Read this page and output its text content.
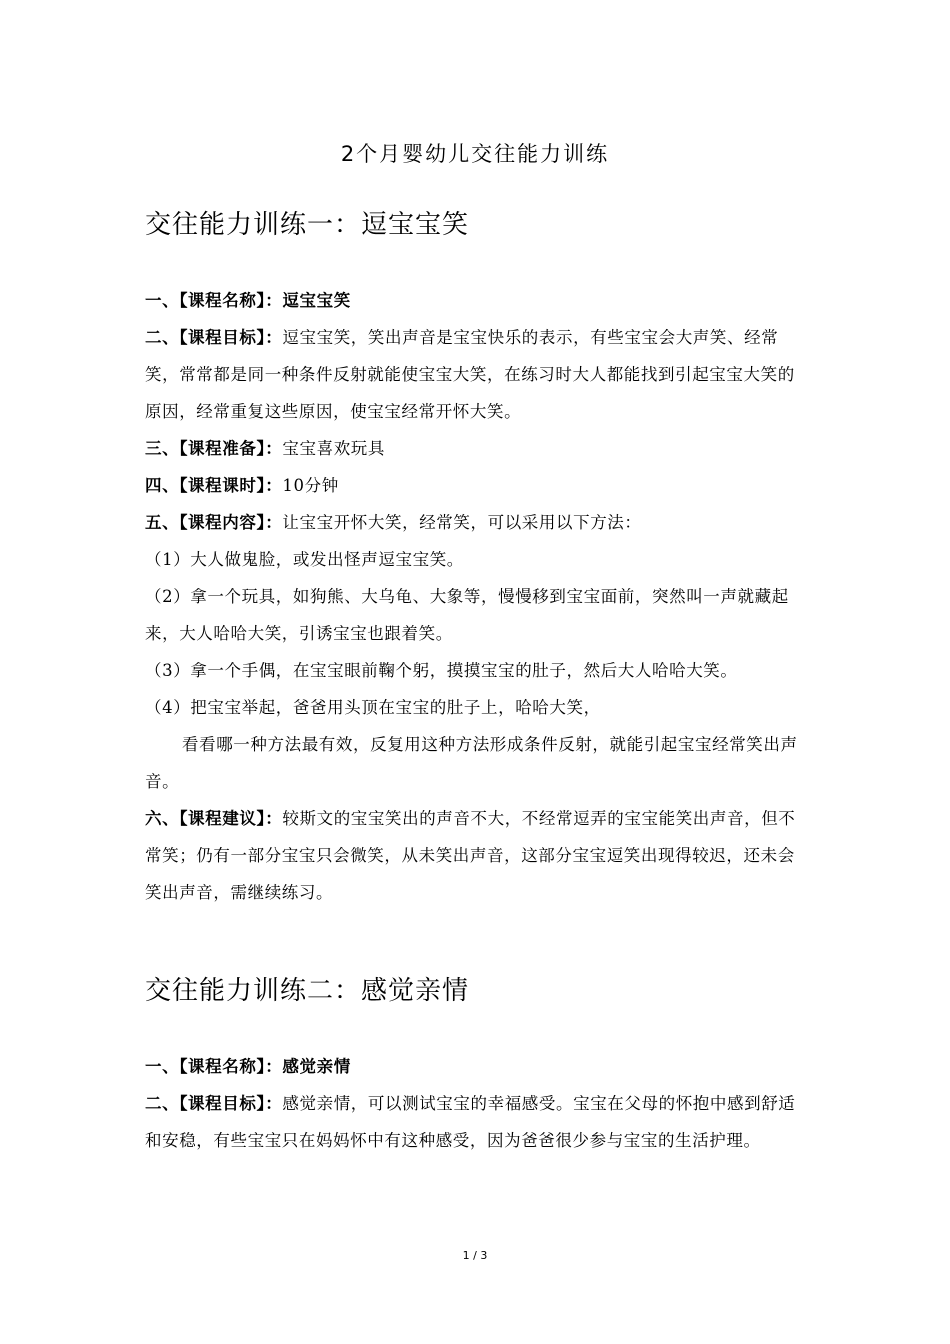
2个月婴幼儿交往能力训练
交往能力训练一：逗宝宝笑

一、【课程名称】：逗宝宝笑

二、【课程目标】：逗宝宝笑，笑出声音是宝宝快乐的表示，有些宝宝会大声笑、经常笑，常常都是同一种条件反射就能使宝宝大笑，在练习时大人都能找到引起宝宝大笑的原因，经常重复这些原因，使宝宝经常开怀大笑。

三、【课程准备】：宝宝喜欢玩具

四、【课程课时】：10分钟

五、【课程内容】：让宝宝开怀大笑，经常笑，可以采用以下方法：

（1）大人做鬼脸，或发出怪声逗宝宝笑。

（2）拿一个玩具，如狗熊、大乌龟、大象等，慢慢移到宝宝面前，突然叫一声就藏起来，大人哈哈大笑，引诱宝宝也跟着笑。

（3）拿一个手偶，在宝宝眼前鞠个躬，摸摸宝宝的肚子，然后大人哈哈大笑。

（4）把宝宝举起，爸爸用头顶在宝宝的肚子上，哈哈大笑，

看看哪一种方法最有效，反复用这种方法形成条件反射，就能引起宝宝经常笑出声音。

六、【课程建议】：较斯文的宝宝笑出的声音不大，不经常逗弄的宝宝能笑出声音，但不常笑；仍有一部分宝宝只会微笑，从未笑出声音，这部分宝宝逗笑出现得较迟，还未会笑出声音，需继续练习。

交往能力训练二：感觉亲情

一、【课程名称】：感觉亲情

二、【课程目标】：感觉亲情，可以测试宝宝的幸福感受。宝宝在父母的怀抱中感到舒适和安稳，有些宝宝只在妈妈怀中有这种感受，因为爸爸很少参与宝宝的生活护理。

1 / 3
